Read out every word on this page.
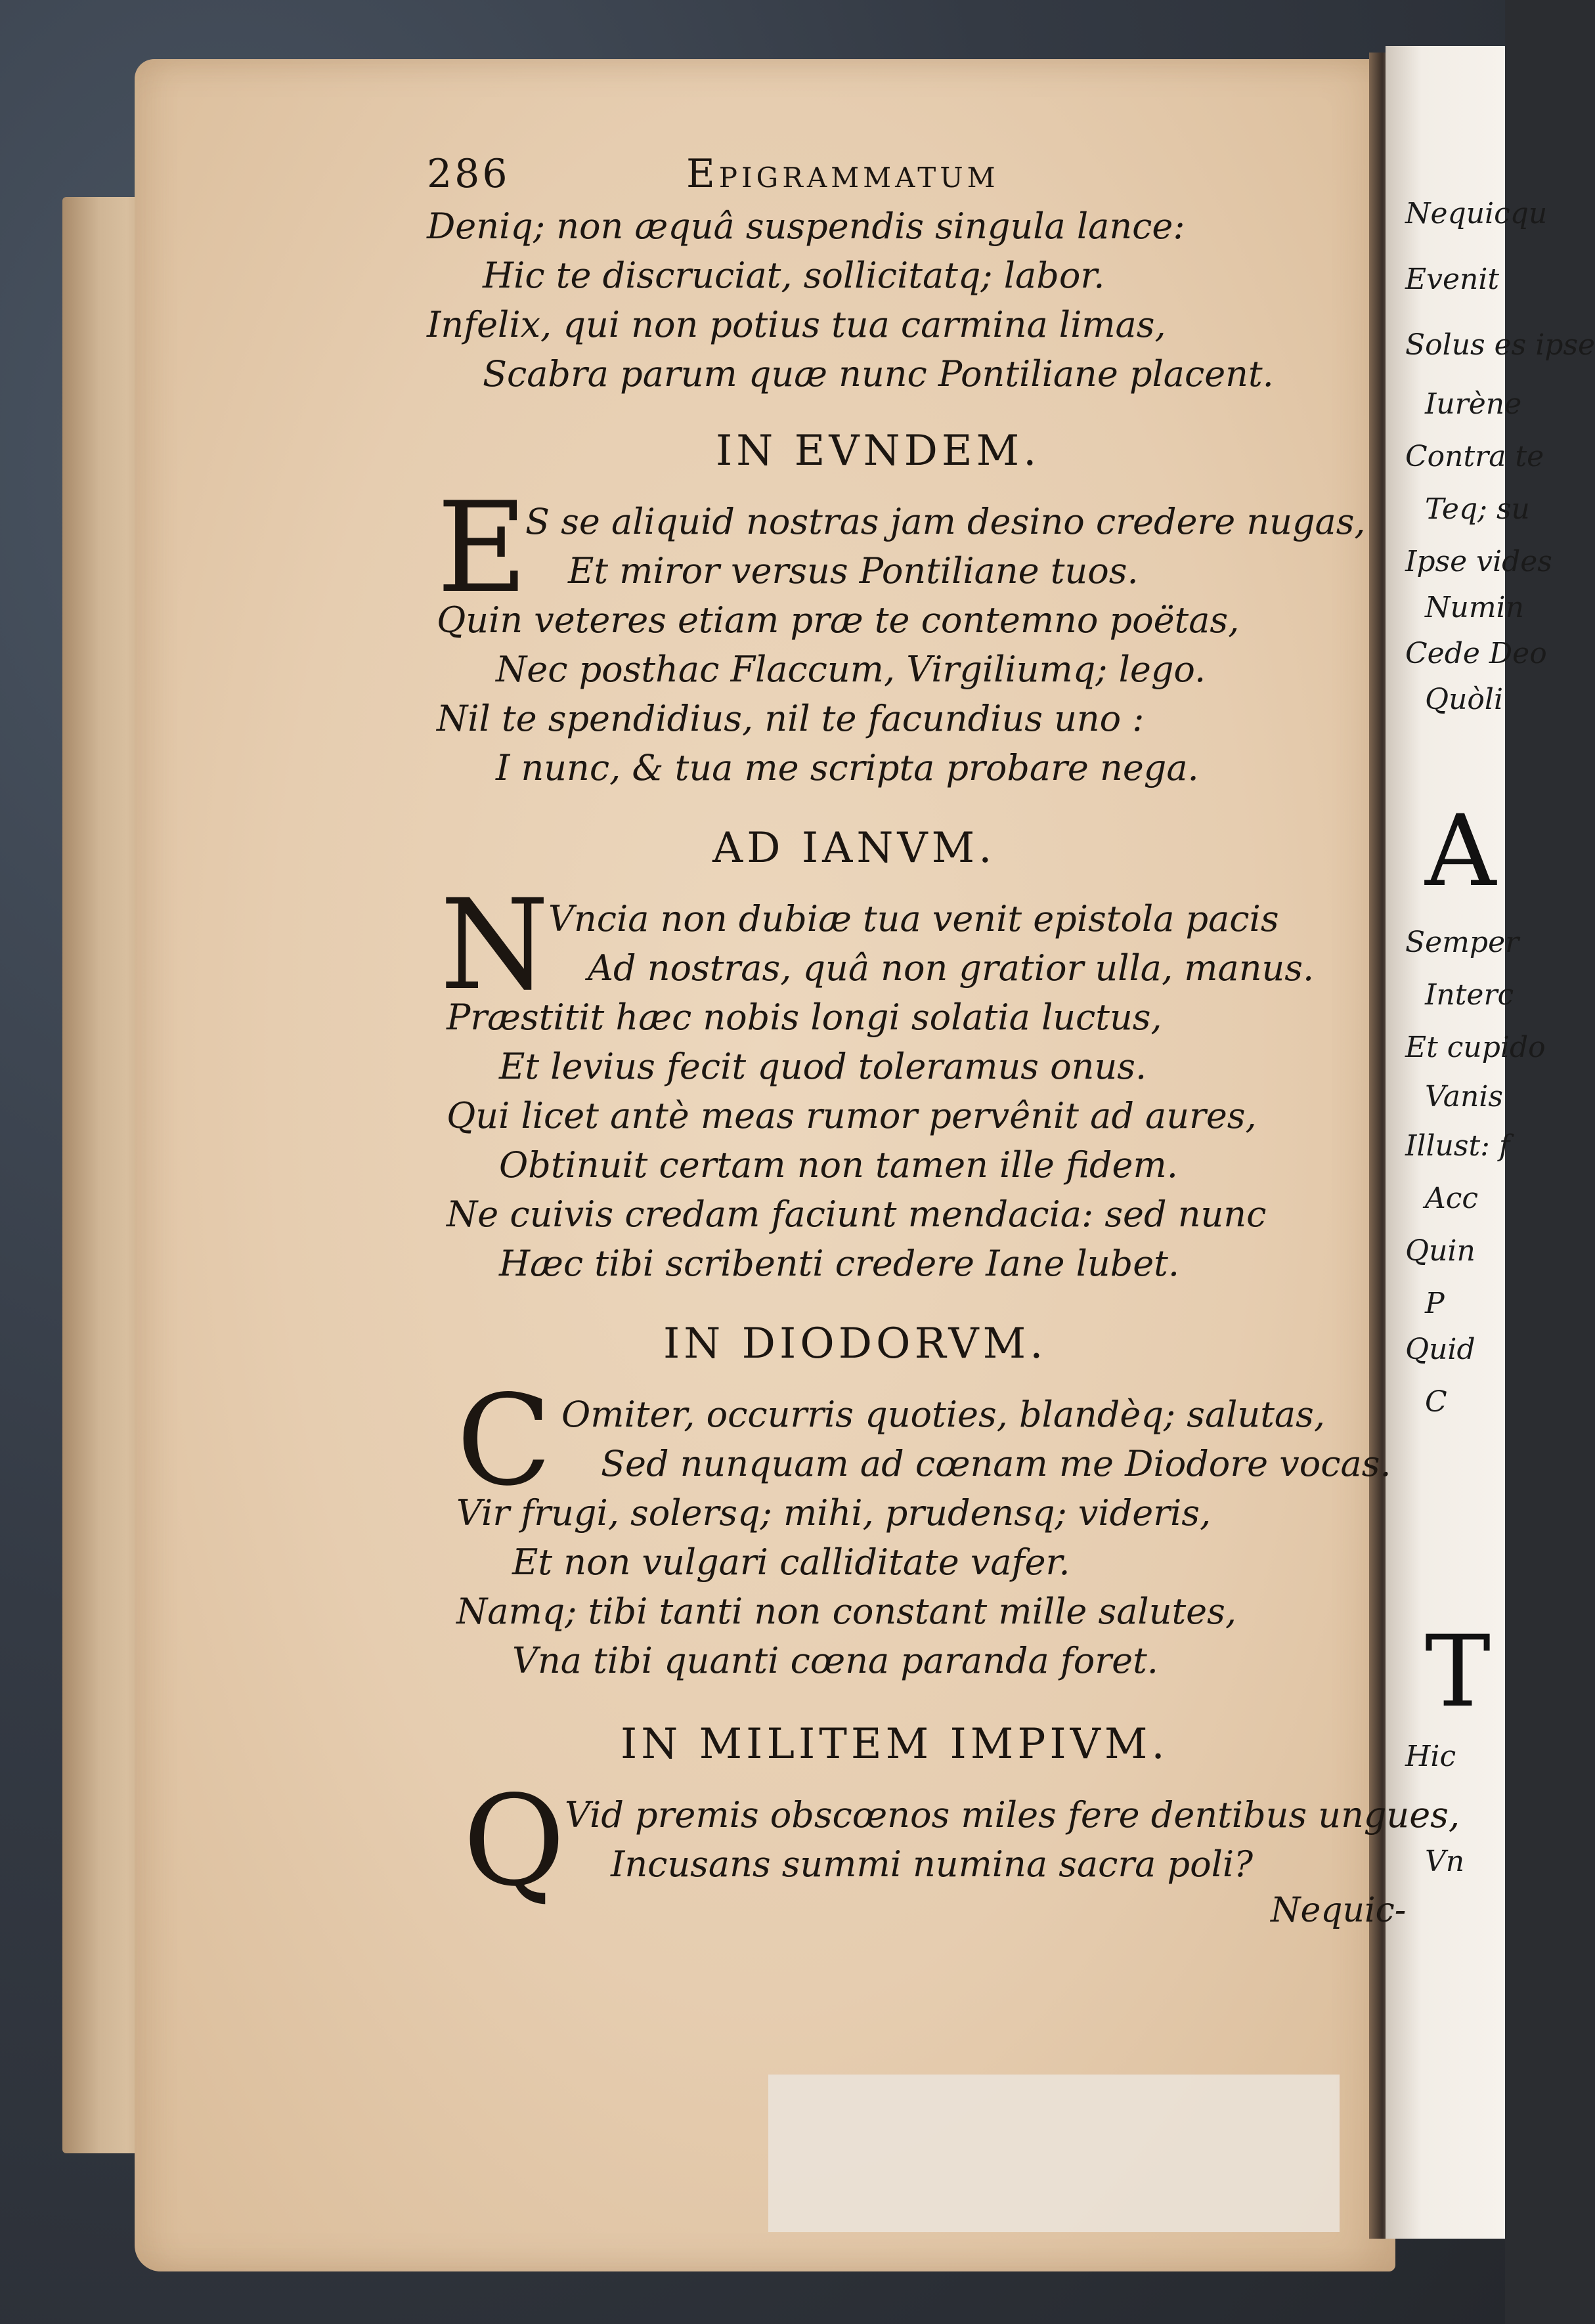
Nequicqu
Evenit
Solus es ipse
Iurène
Contra te
Teq; su
Ipse vides
Numin
Cede Deo
Quòli
A
Semper
Interc
Et cupido
Vanis
Illust: f
Acc
Quin
P
Quid
C
T
Hic
Vn
286	Epigrammatum
Deniq; non æquâ suspendis singula lance:
Hic te discruciat, sollicitatq; labor.
Infelix, qui non potius tua carmina limas,
Scabra parum quæ nunc Pontiliane placent.
IN EVNDEM.
E
S se aliquid nostras jam desino credere nugas,
Et miror versus Pontiliane tuos.
Quin veteres etiam præ te contemno poëtas,
Nec posthac Flaccum, Virgiliumq; lego.
Nil te spendidius, nil te facundius uno :
I nunc, & tua me scripta probare nega.
AD IANVM.
N
Vncia non dubiæ tua venit epistola pacis
Ad nostras, quâ non gratior ulla, manus.
Præstitit hæc nobis longi solatia luctus,
Et levius fecit quod toleramus onus.
Qui licet antè meas rumor pervênit ad aures,
Obtinuit certam non tamen ille fidem.
Ne cuivis credam faciunt mendacia: sed nunc
Hæc tibi scribenti credere Iane lubet.
IN DIODORVM.
C Omiter, occurris quoties, blandèq; salutas,
Sed nunquam ad cœnam me Diodore vocas.
Vir frugi, solersq; mihi, prudensq; videris,
Et non vulgari calliditate vafer.
Namq; tibi tanti non constant mille salutes,
Vna tibi quanti cœna paranda foret.
IN MILITEM IMPIVM.
Q Vid premis obscœnos miles fere dentibus ungues,
Incusans summi numina sacra poli?
Nequic-
